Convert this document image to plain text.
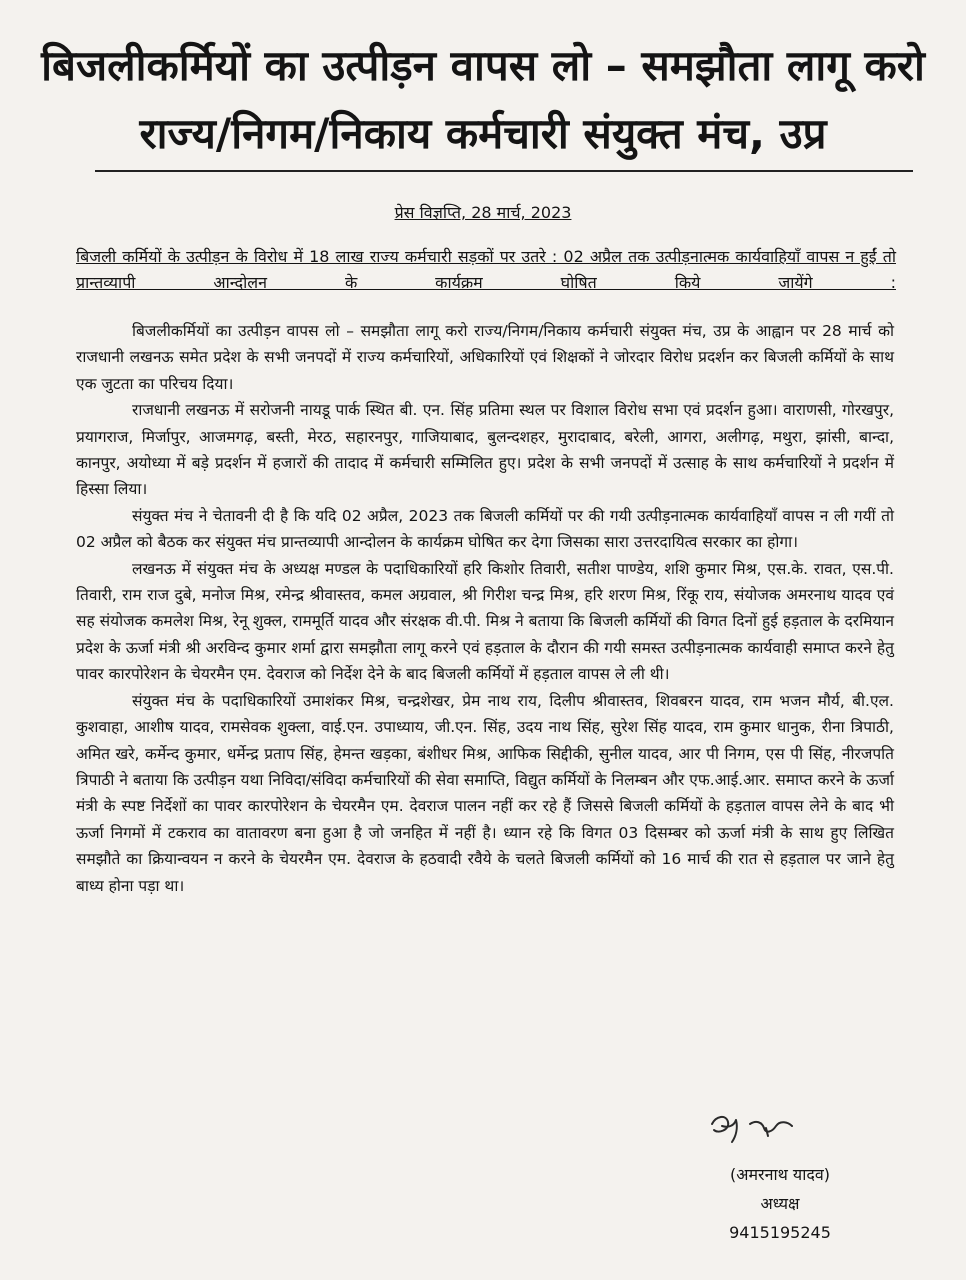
बिजलीकर्मियों का उत्पीड़न वापस लो – समझौता लागू करो
राज्य/निगम/निकाय कर्मचारी संयुक्त मंच, उप्र
प्रेस विज्ञप्ति, 28 मार्च, 2023
बिजली कर्मियों के उत्पीड़न के विरोध में 18 लाख राज्य कर्मचारी सड़कों पर उतरे : 02 अप्रैल तक उत्पीड़नात्मक कार्यवाहियाँ वापस न हुईं तो प्रान्तव्यापी आन्दोलन के कार्यक्रम घोषित किये जायेंगे :

बिजलीकर्मियों का उत्पीड़न वापस लो – समझौता लागू करो राज्य/निगम/निकाय कर्मचारी संयुक्त मंच, उप्र के आह्वान पर 28 मार्च को राजधानी लखनऊ समेत प्रदेश के सभी जनपदों में राज्य कर्मचारियों, अधिकारियों एवं शिक्षकों ने जोरदार विरोध प्रदर्शन कर बिजली कर्मियों के साथ एक जुटता का परिचय दिया।

राजधानी लखनऊ में सरोजनी नायडू पार्क स्थित बी. एन. सिंह प्रतिमा स्थल पर विशाल विरोध सभा एवं प्रदर्शन हुआ। वाराणसी, गोरखपुर, प्रयागराज, मिर्जापुर, आजमगढ़, बस्ती, मेरठ, सहारनपुर, गाजियाबाद, बुलन्दशहर, मुरादाबाद, बरेली, आगरा, अलीगढ़, मथुरा, झांसी, बान्दा, कानपुर, अयोध्या में बड़े प्रदर्शन में हजारों की तादाद में कर्मचारी सम्मिलित हुए। प्रदेश के सभी जनपदों में उत्साह के साथ कर्मचारियों ने प्रदर्शन में हिस्सा लिया।

संयुक्त मंच ने चेतावनी दी है कि यदि 02 अप्रैल, 2023 तक बिजली कर्मियों पर की गयी उत्पीड़नात्मक कार्यवाहियाँ वापस न ली गयीं तो 02 अप्रैल को बैठक कर संयुक्त मंच प्रान्तव्यापी आन्दोलन के कार्यक्रम घोषित कर देगा जिसका सारा उत्तरदायित्व सरकार का होगा।

लखनऊ में संयुक्त मंच के अध्यक्ष मण्डल के पदाधिकारियों हरि किशोर तिवारी, सतीश पाण्डेय, शशि कुमार मिश्र, एस.के. रावत, एस.पी. तिवारी, राम राज दुबे, मनोज मिश्र, रमेन्द्र श्रीवास्तव, कमल अग्रवाल, श्री गिरीश चन्द्र मिश्र, हरि शरण मिश्र, रिंकू राय, संयोजक अमरनाथ यादव एवं सह संयोजक कमलेश मिश्र, रेनू शुक्ल, राममूर्ति यादव और संरक्षक वी.पी. मिश्र ने बताया कि बिजली कर्मियों की विगत दिनों हुई हड़ताल के दरमियान प्रदेश के ऊर्जा मंत्री श्री अरविन्द कुमार शर्मा द्वारा समझौता लागू करने एवं हड़ताल के दौरान की गयी समस्त उत्पीड़नात्मक कार्यवाही समाप्त करने हेतु पावर कारपोरेशन के चेयरमैन एम. देवराज को निर्देश देने के बाद बिजली कर्मियों में हड़ताल वापस ले ली थी।

संयुक्त मंच के पदाधिकारियों उमाशंकर मिश्र, चन्द्रशेखर, प्रेम नाथ राय, दिलीप श्रीवास्तव, शिवबरन यादव, राम भजन मौर्य, बी.एल. कुशवाहा, आशीष यादव, रामसेवक शुक्ला, वाई.एन. उपाध्याय, जी.एन. सिंह, उदय नाथ सिंह, सुरेश सिंह यादव, राम कुमार धानुक, रीना त्रिपाठी, अमित खरे, कर्मेन्द कुमार, धर्मेन्द्र प्रताप सिंह, हेमन्त खड़का, बंशीधर मिश्र, आफिक सिद्दीकी, सुनील यादव, आर पी निगम, एस पी सिंह, नीरजपति त्रिपाठी ने बताया कि उत्पीड़न यथा निविदा/संविदा कर्मचारियों की सेवा समाप्ति, विद्युत कर्मियों के निलम्बन और एफ.आई.आर. समाप्त करने के ऊर्जा मंत्री के स्पष्ट निर्देशों का पावर कारपोरेशन के चेयरमैन एम. देवराज पालन नहीं कर रहे हैं जिससे बिजली कर्मियों के हड़ताल वापस लेने के बाद भी ऊर्जा निगमों में टकराव का वातावरण बना हुआ है जो जनहित में नहीं है। ध्यान रहे कि विगत 03 दिसम्बर को ऊर्जा मंत्री के साथ हुए लिखित समझौते का क्रियान्वयन न करने के चेयरमैन एम. देवराज के हठवादी रवैये के चलते बिजली कर्मियों को 16 मार्च की रात से हड़ताल पर जाने हेतु बाध्य होना पड़ा था।

(अमरनाथ यादव)
अध्यक्ष
9415195245
